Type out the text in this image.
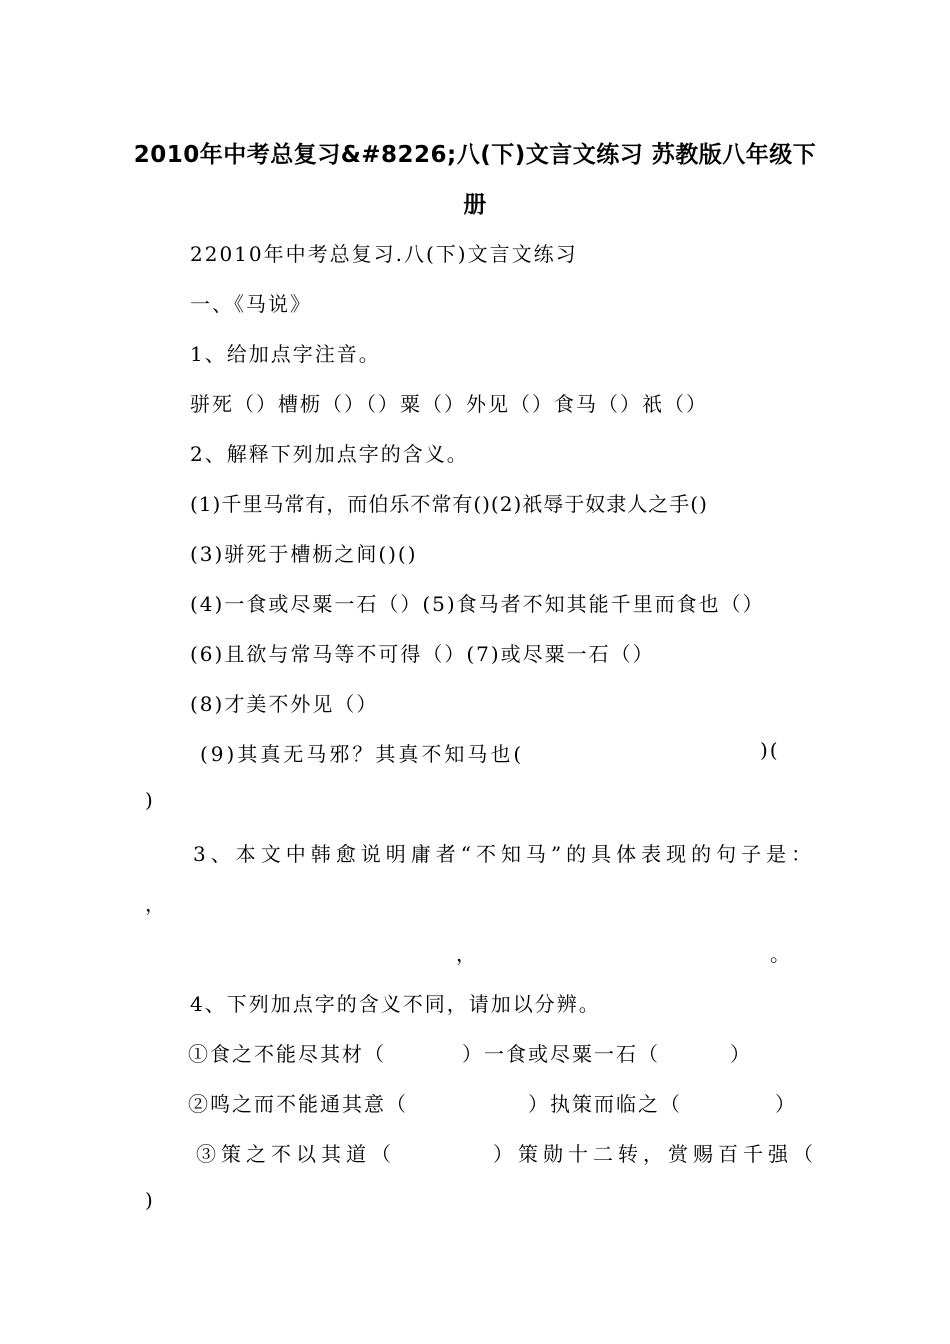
2010年中考总复习&#8226;八(下)文言文练习 苏教版八年级下
册
22010年中考总复习.八(下)文言文练习
一、《马说》
1、给加点字注音。
骈死（）槽枥（）（）粟（）外见（）食马（）祇（）
2、解释下列加点字的含义。
(1)千里马常有，而伯乐不常有()(2)祇辱于奴隶人之手()
(3)骈死于槽枥之间()()
(4)一食或尽粟一石（）(5)食马者不知其能千里而食也（）
(6)且欲与常马等不可得（）(7)或尽粟一石（）
(8)才美不外见（）
(9)其真无马邪？其真不知马也(	)(
)
3、本文中韩愈说明庸者“不知马”的具体表现的句子是：
，
，	。
4、下列加点字的含义不同，请加以分辨。
①食之不能尽其材（	）一食或尽粟一石（	）
②鸣之而不能通其意（	）执策而临之（	）
③策之不以其道（	）策勋十二转，赏赐百千强（
)
